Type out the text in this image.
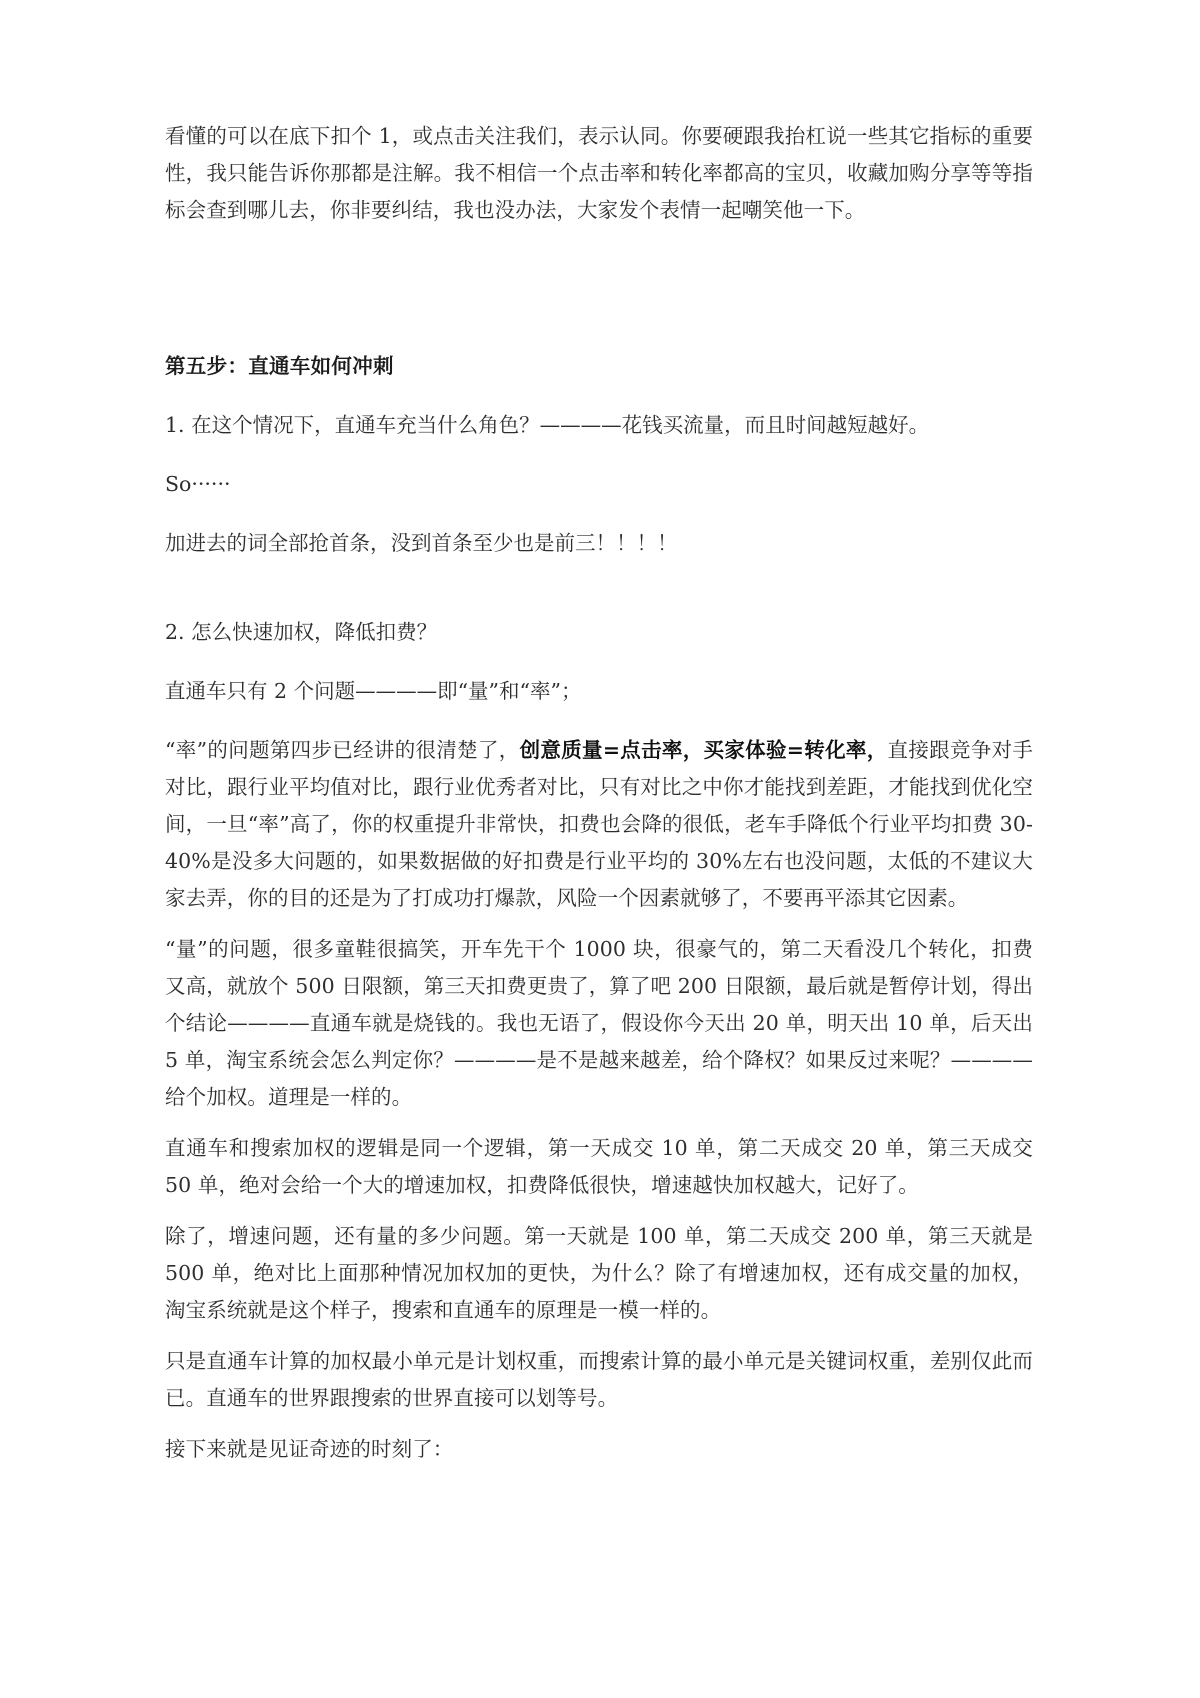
看懂的可以在底下扣个 1，或点击关注我们，表示认同。你要硬跟我抬杠说一些其它指标的重要性，我只能告诉你那都是注解。我不相信一个点击率和转化率都高的宝贝，收藏加购分享等等指标会查到哪儿去，你非要纠结，我也没办法，大家发个表情一起嘲笑他一下。

第五步：直通车如何冲刺

1. 在这个情况下，直通车充当什么角色？————花钱买流量，而且时间越短越好。

So······

加进去的词全部抢首条，没到首条至少也是前三！！！！

2. 怎么快速加权，降低扣费？

直通车只有 2 个问题————即“量”和“率”；

“率”的问题第四步已经讲的很清楚了，创意质量=点击率，买家体验=转化率，直接跟竞争对手对比，跟行业平均值对比，跟行业优秀者对比，只有对比之中你才能找到差距，才能找到优化空间，一旦“率”高了，你的权重提升非常快，扣费也会降的很低，老车手降低个行业平均扣费 30-40%是没多大问题的，如果数据做的好扣费是行业平均的 30%左右也没问题，太低的不建议大家去弄，你的目的还是为了打成功打爆款，风险一个因素就够了，不要再平添其它因素。

“量”的问题，很多童鞋很搞笑，开车先干个 1000 块，很豪气的，第二天看没几个转化，扣费又高，就放个 500 日限额，第三天扣费更贵了，算了吧 200 日限额，最后就是暂停计划，得出个结论————直通车就是烧钱的。我也无语了，假设你今天出 20 单，明天出 10 单，后天出 5 单，淘宝系统会怎么判定你？————是不是越来越差，给个降权？如果反过来呢？————给个加权。道理是一样的。

直通车和搜索加权的逻辑是同一个逻辑，第一天成交 10 单，第二天成交 20 单，第三天成交 50 单，绝对会给一个大的增速加权，扣费降低很快，增速越快加权越大，记好了。

除了，增速问题，还有量的多少问题。第一天就是 100 单，第二天成交 200 单，第三天就是 500 单，绝对比上面那种情况加权加的更快，为什么？除了有增速加权，还有成交量的加权，淘宝系统就是这个样子，搜索和直通车的原理是一模一样的。

只是直通车计算的加权最小单元是计划权重，而搜索计算的最小单元是关键词权重，差别仅此而已。直通车的世界跟搜索的世界直接可以划等号。

接下来就是见证奇迹的时刻了：
